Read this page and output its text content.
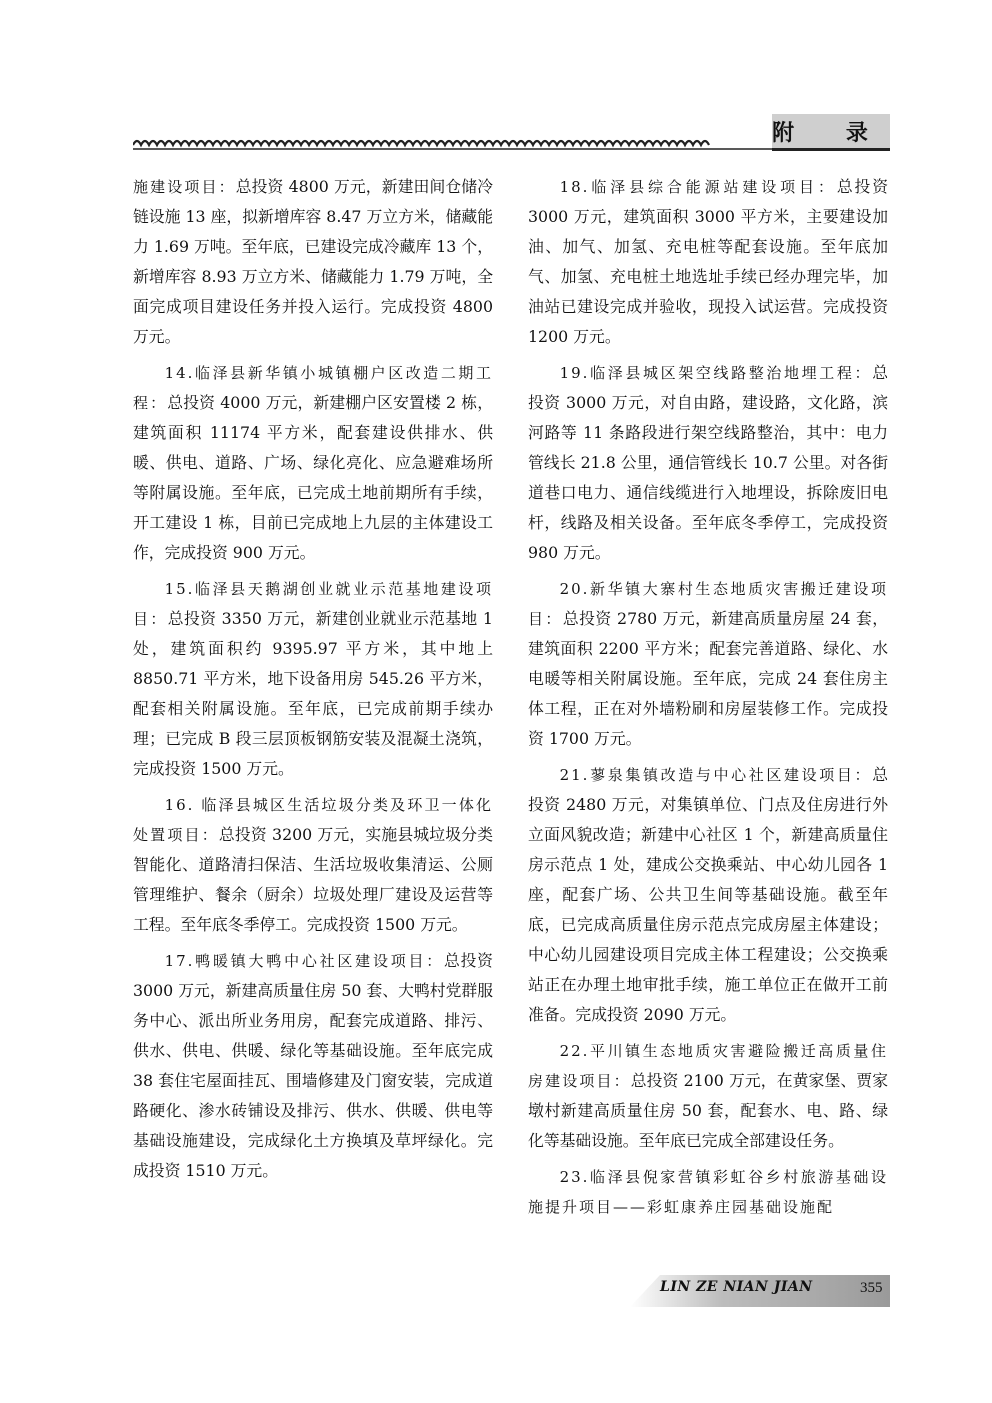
附 录

施建设项目：总投资 4800 万元，新建田间仓储冷链设施 13 座，拟新增库容 8.47 万立方米，储藏能力 1.69 万吨。至年底，已建设完成冷藏库 13 个，新增库容 8.93 万立方米、储藏能力 1.79 万吨，全面完成项目建设任务并投入运行。完成投资 4800 万元。

14.临泽县新华镇小城镇棚户区改造二期工程：总投资 4000 万元，新建棚户区安置楼 2 栋，建筑面积 11174 平方米，配套建设供排水、供暖、供电、道路、广场、绿化亮化、应急避难场所等附属设施。至年底，已完成土地前期所有手续，开工建设 1 栋，目前已完成地上九层的主体建设工作，完成投资 900 万元。

15.临泽县天鹅湖创业就业示范基地建设项目：总投资 3350 万元，新建创业就业示范基地 1 处，建筑面积约 9395.97 平方米，其中地上 8850.71 平方米，地下设备用房 545.26 平方米，配套相关附属设施。至年底，已完成前期手续办理；已完成 B 段三层顶板钢筋安装及混凝土浇筑，完成投资 1500 万元。

16. 临泽县城区生活垃圾分类及环卫一体化处置项目：总投资 3200 万元，实施县城垃圾分类智能化、道路清扫保洁、生活垃圾收集清运、公厕管理维护、餐余（厨余）垃圾处理厂建设及运营等工程。至年底冬季停工。完成投资 1500 万元。

17.鸭暖镇大鸭中心社区建设项目：总投资 3000 万元，新建高质量住房 50 套、大鸭村党群服务中心、派出所业务用房，配套完成道路、排污、供水、供电、供暖、绿化等基础设施。至年底完成 38 套住宅屋面挂瓦、围墙修建及门窗安装，完成道路硬化、渗水砖铺设及排污、供水、供暖、供电等基础设施建设，完成绿化土方换填及草坪绿化。完成投资 1510 万元。

18.临泽县综合能源站建设项目：总投资 3000 万元，建筑面积 3000 平方米，主要建设加油、加气、加氢、充电桩等配套设施。至年底加气、加氢、充电桩土地选址手续已经办理完毕，加油站已建设完成并验收，现投入试运营。完成投资 1200 万元。

19.临泽县城区架空线路整治地埋工程：总投资 3000 万元，对自由路，建设路，文化路，滨河路等 11 条路段进行架空线路整治，其中：电力管线长 21.8 公里，通信管线长 10.7 公里。对各街道巷口电力、通信线缆进行入地埋设，拆除废旧电杆，线路及相关设备。至年底冬季停工，完成投资 980 万元。

20.新华镇大寨村生态地质灾害搬迁建设项目：总投资 2780 万元，新建高质量房屋 24 套，建筑面积 2200 平方米；配套完善道路、绿化、水电暖等相关附属设施。至年底，完成 24 套住房主体工程，正在对外墙粉刷和房屋装修工作。完成投资 1700 万元。

21.蓼泉集镇改造与中心社区建设项目：总投资 2480 万元，对集镇单位、门点及住房进行外立面风貌改造；新建中心社区 1 个，新建高质量住房示范点 1 处，建成公交换乘站、中心幼儿园各 1 座，配套广场、公共卫生间等基础设施。截至年底，已完成高质量住房示范点完成房屋主体建设；中心幼儿园建设项目完成主体工程建设；公交换乘站正在办理土地审批手续，施工单位正在做开工前准备。完成投资 2090 万元。

22.平川镇生态地质灾害避险搬迁高质量住房建设项目：总投资 2100 万元，在黄家堡、贾家墩村新建高质量住房 50 套，配套水、电、路、绿化等基础设施。至年底已完成全部建设任务。

23.临泽县倪家营镇彩虹谷乡村旅游基础设施提升项目——彩虹康养庄园基础设施配

LIN ZE NIAN JIAN	355
